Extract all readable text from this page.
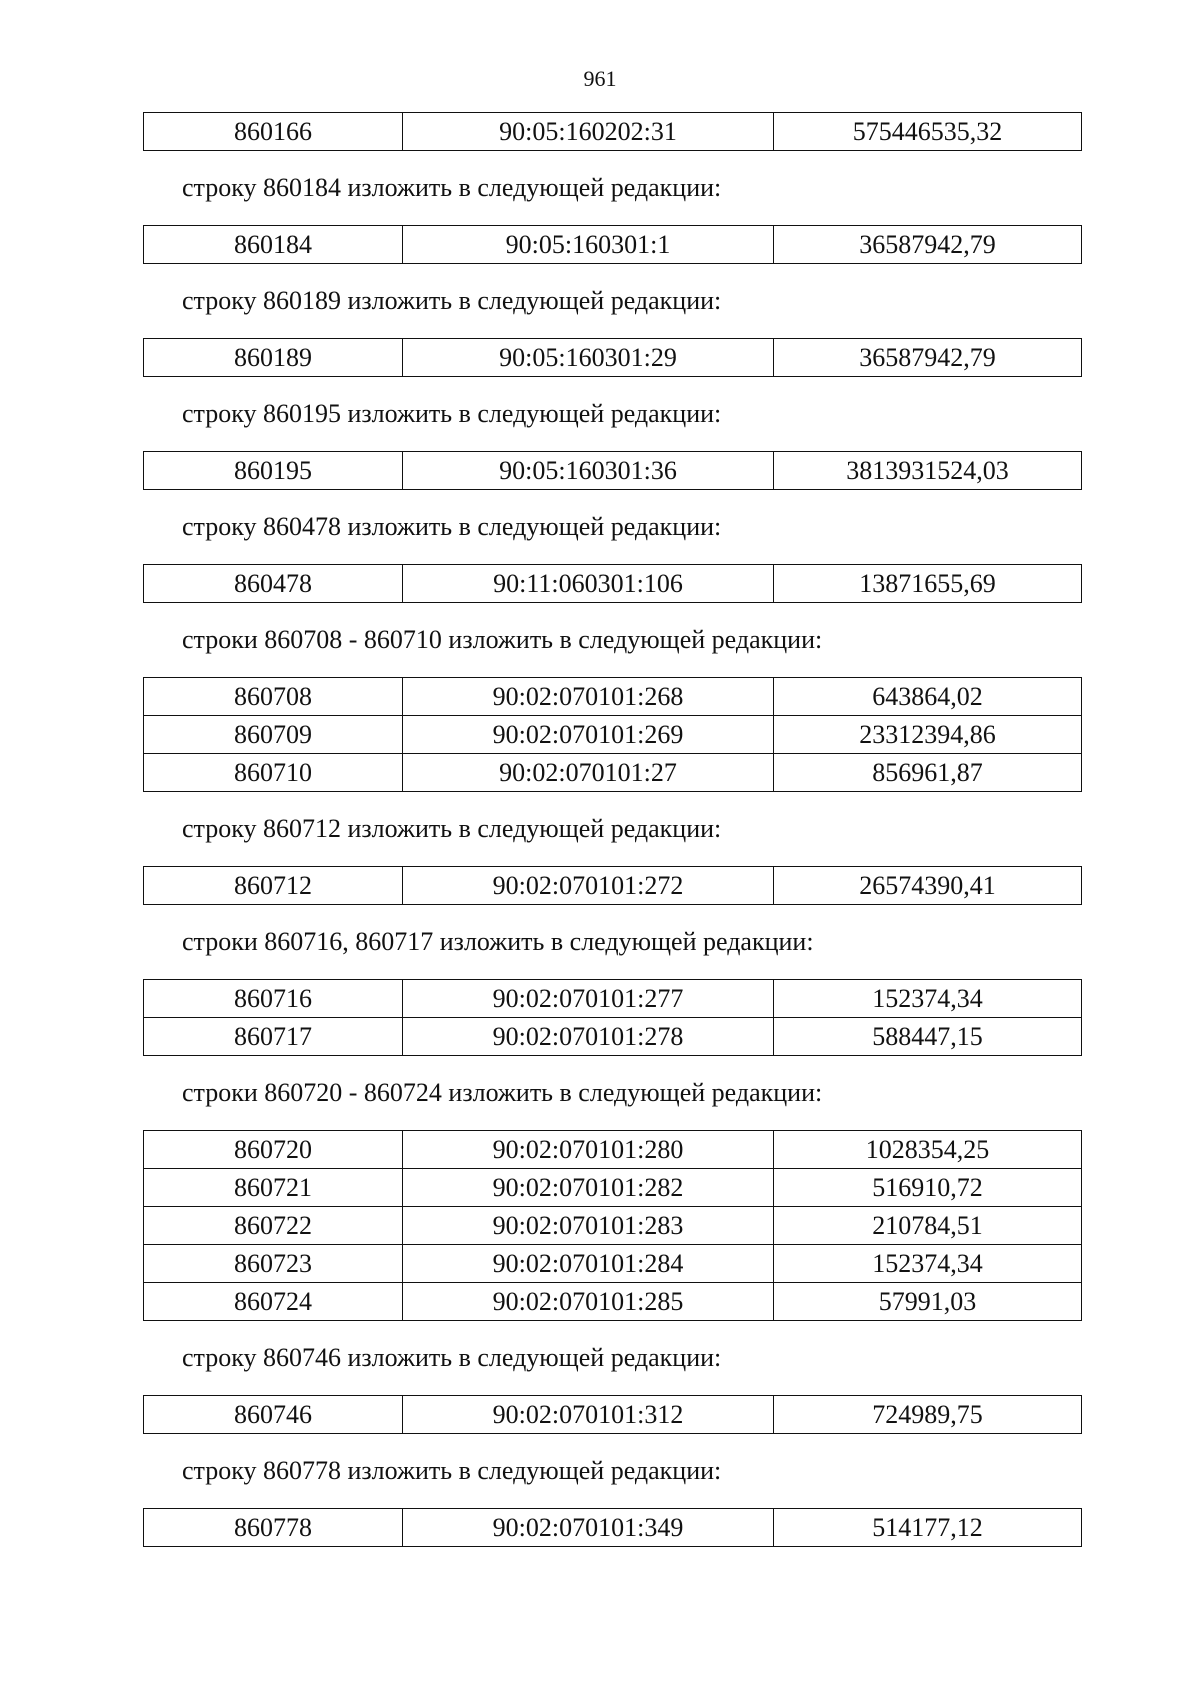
961
860166	90:05:160202:31	575446535,32

строку 860184 изложить в следующей редакции:

860184	90:05:160301:1	36587942,79

строку 860189 изложить в следующей редакции:

860189	90:05:160301:29	36587942,79

строку 860195 изложить в следующей редакции:

860195	90:05:160301:36	3813931524,03

строку 860478 изложить в следующей редакции:

860478	90:11:060301:106	13871655,69

строки 860708 - 860710 изложить в следующей редакции:

860708	90:02:070101:268	643864,02
860709	90:02:070101:269	23312394,86
860710	90:02:070101:27	856961,87

строку 860712 изложить в следующей редакции:

860712	90:02:070101:272	26574390,41

строки 860716, 860717 изложить в следующей редакции:

860716	90:02:070101:277	152374,34
860717	90:02:070101:278	588447,15

строки 860720 - 860724 изложить в следующей редакции:

860720	90:02:070101:280	1028354,25
860721	90:02:070101:282	516910,72
860722	90:02:070101:283	210784,51
860723	90:02:070101:284	152374,34
860724	90:02:070101:285	57991,03

строку 860746 изложить в следующей редакции:

860746	90:02:070101:312	724989,75

строку 860778 изложить в следующей редакции:

860778	90:02:070101:349	514177,12
